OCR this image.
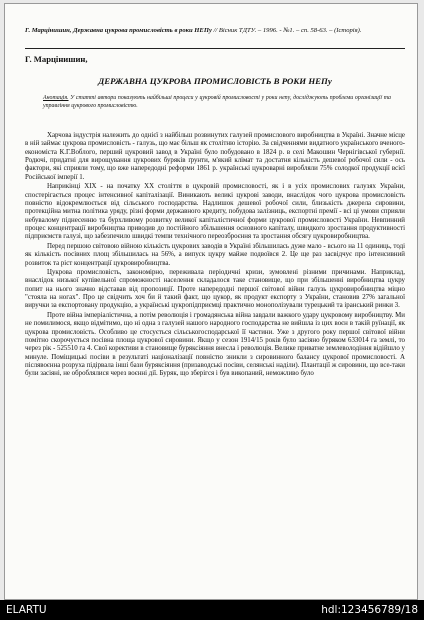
Г. Марцінишин, Державна цукрова промисловість в роки НЕПу // Вісник ТДТУ. – 1996. - №1. – сп. 58-63. – (Історія).
Г. Марцінишин,
ДЕРЖАВНА ЦУКРОВА ПРОМИСЛОВІСТЬ В РОКИ НЕПу
Анотація. У статті автори показують найбільші процеси у цукровій промисловості у роки непу, досліджують проблеми організації та управління цукрового промисловістю.

Харчова індустрія належить до однієї з найбільш розвинутих галузей промислового виробництва в Україні. Значне місце в ній займає цукрова промисловість - галузь, що має більш як столітню історію. За свідченнями видатного українського вченого-економіста К.Г.Воблого, перший цукровий завод в Україні було побудовано в 1824 р. в селі Макошин Чернігівської губернії. Родючі, придатні для вирощування цукрових буряків ґрунти, м'який клімат та достатня кількість дешевої робочої сили - ось фактори, які сприяли тому, що вже напередодні реформи 1861 р. українські цукроварні виробляли 75% солодкої продукції всієї Російської імперії 1.

Наприкінці ХІХ - на початку ХХ століття в цукровій промисловості, як і в усіх промислових галузях України, спостерігається процес інтенсивної капіталізації. Виникають великі цукрові заводи, внаслідок чого цукрова промисловість повністю відокремлюється від сільського господарства. Надлишок дешевої робочої сили, близькість джерела сировини, протекційна митна політика уряду, різні форми державного кредиту, побудова залізниць, експортні премії - всі ці умови сприяли небувалому піднесенню та бурхливому розвитку великої капіталістичної форми цукрової промисловості України. Невпинний процес концентрації виробництва приводив до постійного збільшення основного капіталу, швидкого зростання продуктивності підприємств галузі, що забезпечило швидкі темпи технічного переозброєння та зростання обсягу цукровиробництва.

Перед першою світовою війною кількість цукрових заводів в Україні збільшилась дуже мало - всього на 11 одиниць, тоді як кількість посівних площ збільшилась на 56%, а випуск цукру майже подвоївся 2. Це ще раз засвідчує про інтенсивний розвиток та ріст концентрації цукровиробництва.

Цукрова промисловість, закономірно, переживала періодичні кризи, зумовлені різними причинами. Наприклад, внаслідок низької купівельної спроможності населення складалося таке становище, що при збільшенні виробництва цукру попит на нього значно відставав від пропозиції. Проте напередодні першої світової війни галузь цукровиробництва міцно "стояла на ногах". Про це свідчить хоч би й такий факт, що цукор, як продукт експорту з України, становив 27% загальної виручки за експортовану продукцію, а українські цукропідприємці практично монополізували турецький та іранський ринки 3.

Проте війна імперіалістична, а потім революція і громадянська війна завдали важкого удару цукровому виробництву. Ми не помилимося, якщо відмітимо, що ні одна з галузей нашого народного господарства не вийшла із цих воєн в такій руїнації, як цукрова промисловість. Особливо це стосується сільськогосподарської її частини. Уже з другого року першої світової війни помітно скорочується посівна площа цукрової сировини. Якщо у сезон 1914/15 років було засіяно буряком 633014 га землі, то через рік - 525510 га 4. Свої корективи в становище буряксіяння внесла і революція. Велике приватне землеволодіння відійшло у минуле. Поміщицькі посіви в результаті націоналізації повністю зникли з сировинного балансу цукрової промисловості. А післявоєнна розруха підірвала інші бази буряксіяння (призаводські посіви, селянські наділи). Плантації ж сировини, що все-таки були засіяні, не оброблялися через воєнні дії. Буряк, що зберігся і був викопаний, неможливо було

ELARTU	hdl:123456789/18
